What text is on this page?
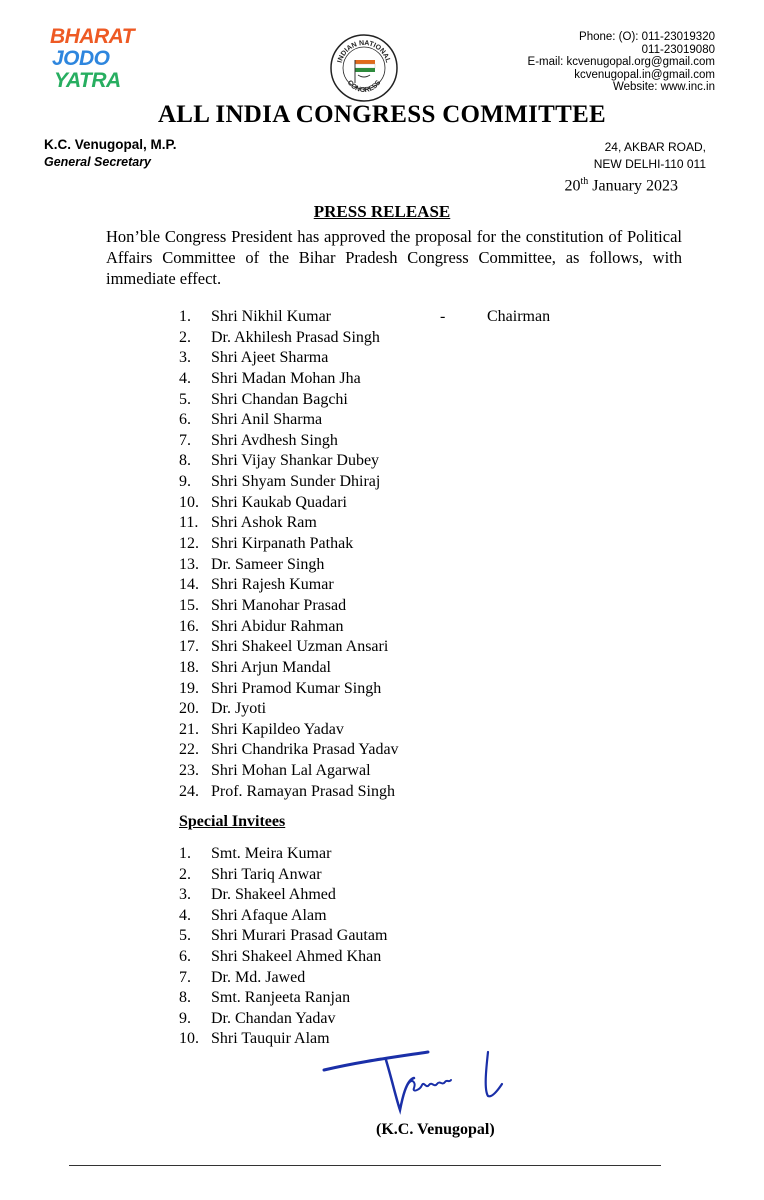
BHARAT
JODO
YATRA
INDIAN NATIONAL
CONGRESS
Phone: (O): 011-23019320
011-23019080
E-mail: kcvenugopal.org@gmail.com
kcvenugopal.in@gmail.com
Website: www.inc.in
ALL INDIA CONGRESS COMMITTEE
K.C. Venugopal, M.P.
General Secretary
24, AKBAR ROAD,
NEW DELHI-110 011
20th January 2023
PRESS RELEASE
Hon’ble Congress President has approved the proposal for the constitution of Political Affairs Committee of the Bihar Pradesh Congress Committee, as follows, with immediate effect.
1. Shri Nikhil Kumar	-	Chairman
2. Dr. Akhilesh Prasad Singh
3. Shri Ajeet Sharma
4. Shri Madan Mohan Jha
5. Shri Chandan Bagchi
6. Shri Anil Sharma
7. Shri Avdhesh Singh
8. Shri Vijay Shankar Dubey
9. Shri Shyam Sunder Dhiraj
10. Shri Kaukab Quadari
11. Shri Ashok Ram
12. Shri Kirpanath Pathak
13. Dr. Sameer Singh
14. Shri Rajesh Kumar
15. Shri Manohar Prasad
16. Shri Abidur Rahman
17. Shri Shakeel Uzman Ansari
18. Shri Arjun Mandal
19. Shri Pramod Kumar Singh
20. Dr. Jyoti
21. Shri Kapildeo Yadav
22. Shri Chandrika Prasad Yadav
23. Shri Mohan Lal Agarwal
24. Prof. Ramayan Prasad Singh
Special Invitees
1. Smt. Meira Kumar
2. Shri Tariq Anwar
3. Dr. Shakeel Ahmed
4. Shri Afaque Alam
5. Shri Murari Prasad Gautam
6. Shri Shakeel Ahmed Khan
7. Dr. Md. Jawed
8. Smt. Ranjeeta Ranjan
9. Dr. Chandan Yadav
10. Shri Tauquir Alam
(K.C. Venugopal)
